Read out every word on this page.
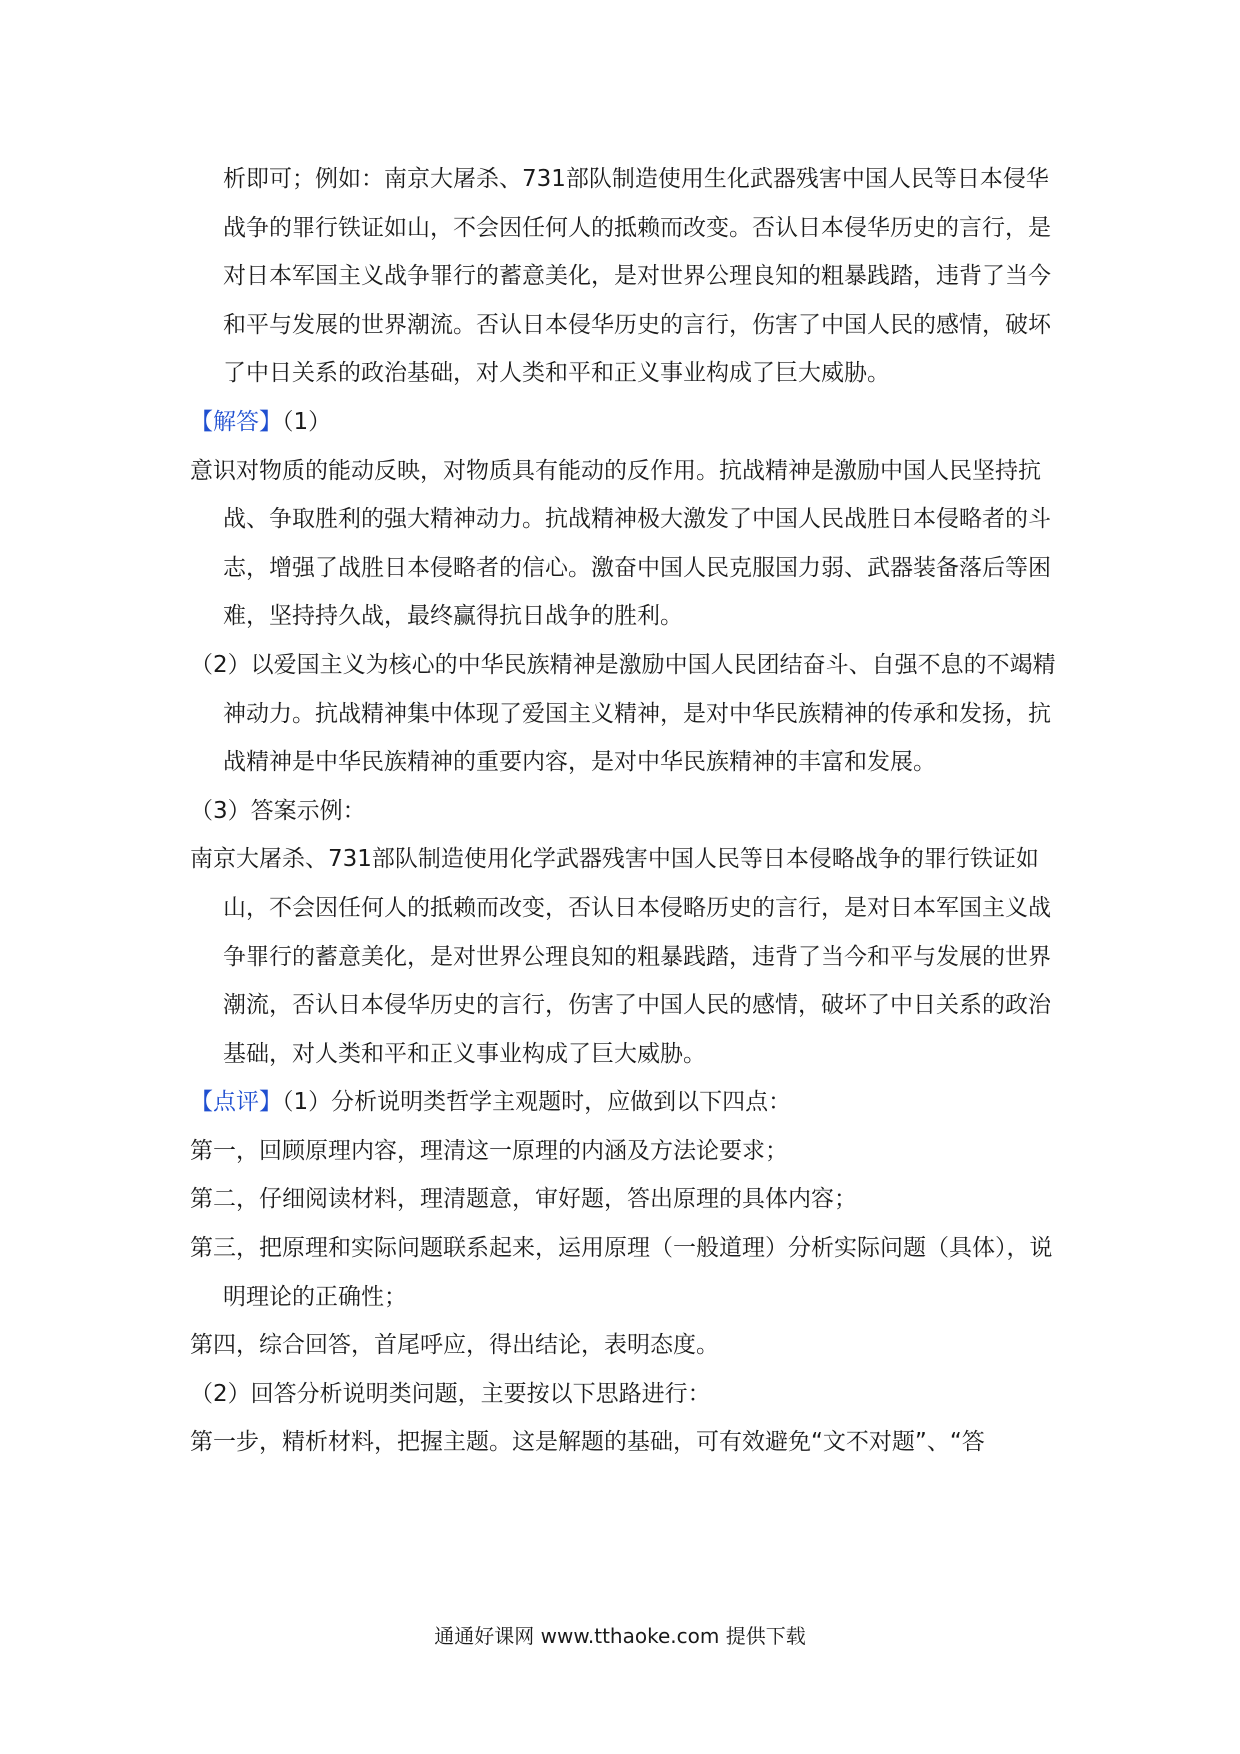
析即可；例如：南京大屠杀、731部队制造使用生化武器残害中国人民等日本侵华战争的罪行铁证如山，不会因任何人的抵赖而改变。否认日本侵华历史的言行，是对日本军国主义战争罪行的蓄意美化，是对世界公理良知的粗暴践踏，违背了当今和平与发展的世界潮流。否认日本侵华历史的言行，伤害了中国人民的感情，破坏了中日关系的政治基础，对人类和平和正义事业构成了巨大威胁。

【解答】（1）

意识对物质的能动反映，对物质具有能动的反作用。抗战精神是激励中国人民坚持抗战、争取胜利的强大精神动力。抗战精神极大激发了中国人民战胜日本侵略者的斗志，增强了战胜日本侵略者的信心。激奋中国人民克服国力弱、武器装备落后等困难，坚持持久战，最终赢得抗日战争的胜利。

（2）以爱国主义为核心的中华民族精神是激励中国人民团结奋斗、自强不息的不竭精神动力。抗战精神集中体现了爱国主义精神，是对中华民族精神的传承和发扬，抗战精神是中华民族精神的重要内容，是对中华民族精神的丰富和发展。

（3）答案示例：

南京大屠杀、731部队制造使用化学武器残害中国人民等日本侵略战争的罪行铁证如山，不会因任何人的抵赖而改变，否认日本侵略历史的言行，是对日本军国主义战争罪行的蓄意美化，是对世界公理良知的粗暴践踏，违背了当今和平与发展的世界潮流，否认日本侵华历史的言行，伤害了中国人民的感情，破坏了中日关系的政治基础，对人类和平和正义事业构成了巨大威胁。

【点评】（1）分析说明类哲学主观题时，应做到以下四点：

第一，回顾原理内容，理清这一原理的内涵及方法论要求；

第二，仔细阅读材料，理清题意，审好题，答出原理的具体内容；

第三，把原理和实际问题联系起来，运用原理（一般道理）分析实际问题（具体），说明理论的正确性；

第四，综合回答，首尾呼应，得出结论，表明态度。

（2）回答分析说明类问题，主要按以下思路进行：

第一步，精析材料，把握主题。这是解题的基础，可有效避免“文不对题”、“答

通通好课网 www.tthaoke.com 提供下载
